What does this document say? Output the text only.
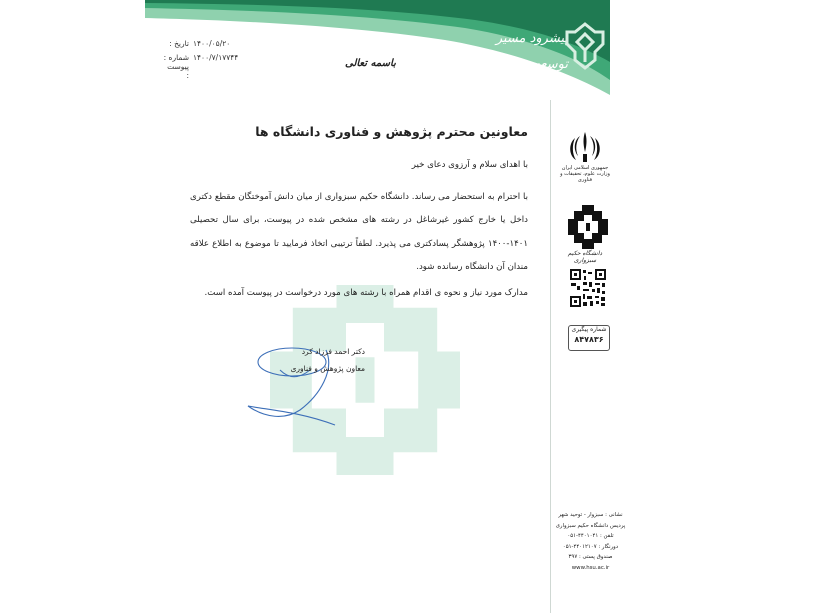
پیشرود مسیر توسعه
پویاد عرصه علمی
۱۴۰۰/۰۵/۲۰
تاریخ :
۱۴۰۰/۷/۱۷۷۴۴
شماره :
پیوست :
باسمه تعالی

معاونین محترم پژوهش و فناوری دانشگاه ها

با اهدای سلام و آرزوی دعای خیر
با احترام به استحضار می رساند. دانشگاه حکیم سبزواری از میان دانش آموختگان مقطع دکتری داخل یا خارج کشور غیرشاغل در رشته های مشخص شده در پیوست، برای سال تحصیلی ۱۴۰۱-۱۴۰۰ پژوهشگر پسادکتری می پذیرد. لطفاً ترتیبی اتخاذ فرمایید تا موضوع به اطلاع علاقه مندان آن دانشگاه رسانده شود.
مدارک مورد نیاز و نحوه ی اقدام همراه با رشته های مورد درخواست در پیوست آمده است.
دکتر احمد فرزاد کرد
معاون پژوهش و فناوری
جمهوری اسلامی ایران وزارت علوم، تحقیقات و فناوری
دانشگاه حکیم سبزواری
شماره پیگیری
۸۴۷۸۳۶
نشانی : سبزوار - توحید شهر
پردیس دانشگاه حکیم سبزواری
تلفن : ۴۴۰۱۰۴۱-۰۵۱
دورنگار : ۴۴۰۱۲۱۰۷-۰۵۱
صندوق پستی : ۳۹۷
www.hsu.ac.ir
